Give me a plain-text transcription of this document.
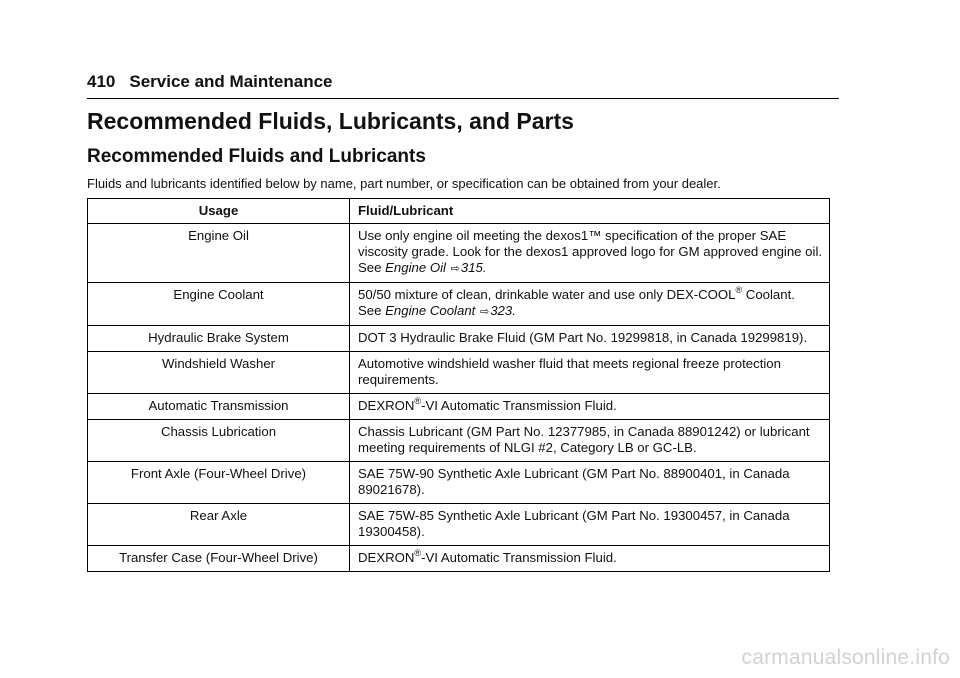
410 Service and Maintenance
Recommended Fluids, Lubricants, and Parts
Recommended Fluids and Lubricants
Fluids and lubricants identified below by name, part number, or specification can be obtained from your dealer.
Usage	Fluid/Lubricant
Engine Oil	Use only engine oil meeting the dexos1™ specification of the proper SAE viscosity grade. Look for the dexos1 approved logo for GM approved engine oil. See Engine Oil ⇨315.
Engine Coolant	50/50 mixture of clean, drinkable water and use only DEX-COOL® Coolant.
See Engine Coolant ⇨323.
Hydraulic Brake System	DOT 3 Hydraulic Brake Fluid (GM Part No. 19299818, in Canada 19299819).
Windshield Washer	Automotive windshield washer fluid that meets regional freeze protection requirements.
Automatic Transmission	DEXRON®-VI Automatic Transmission Fluid.
Chassis Lubrication	Chassis Lubricant (GM Part No. 12377985, in Canada 88901242) or lubricant meeting requirements of NLGI #2, Category LB or GC-LB.
Front Axle (Four-Wheel Drive)	SAE 75W-90 Synthetic Axle Lubricant (GM Part No. 88900401, in Canada 89021678).
Rear Axle	SAE 75W-85 Synthetic Axle Lubricant (GM Part No. 19300457, in Canada 19300458).
Transfer Case (Four-Wheel Drive)	DEXRON®-VI Automatic Transmission Fluid.
carmanualsonline.info
